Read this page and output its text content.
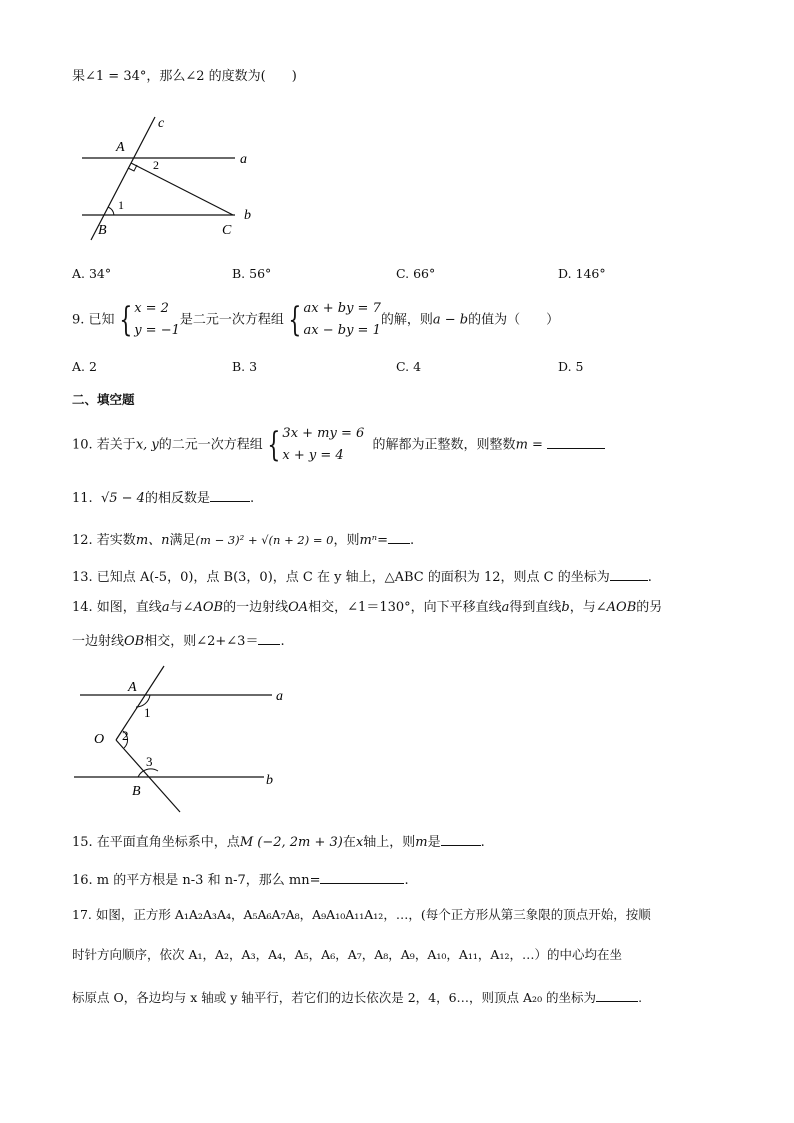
果∠1 = 34°，那么∠2 的度数为(　　)
A
B	C
a
b
c
1
2
A. 34°	B. 56°	C. 66°	D. 146°
9. 已知 { x = 2
y = −1
是二元一次方程组 { ax + by = 7
ax − by = 1
的解，则a − b的值为（　　）
A. 2	B. 3	C. 4	D. 5
二、填空题
10. 若关于x, y的二元一次方程组 { 3x + my = 6
x + y = 4
的解都为正整数，则整数m =
11.  √5 − 4的相反数是	.
12. 若实数m、n满足(m − 3)² + √(n + 2) = 0，则mⁿ= .
13. 已知点 A(-5，0)，点 B(3，0)，点 C 在 y 轴上，△ABC 的面积为 12，则点 C 的坐标为	.
14. 如图，直线a与∠AOB的一边射线OA相交，∠1＝130°，向下平移直线a得到直线b，与∠AOB的另
一边射线OB相交，则∠2+∠3＝ .
A
O
B
a
b
1
2
3
15. 在平面直角坐标系中，点M (−2, 2m + 3)在x轴上，则m是	.
16. m 的平方根是 n-3 和 n-7，那么 mn=	.
17. 如图，正方形 A₁A₂A₃A₄，A₅A₆A₇A₈，A₉A₁₀A₁₁A₁₂，…，(每个正方形从第三象限的顶点开始，按顺
时针方向顺序，依次 A₁，A₂，A₃，A₄，A₅，A₆，A₇，A₈，A₉，A₁₀，A₁₁，A₁₂，…）的中心均在坐
标原点 O，各边均与 x 轴或 y 轴平行，若它们的边长依次是 2，4，6…，则顶点 A₂₀ 的坐标为	.
